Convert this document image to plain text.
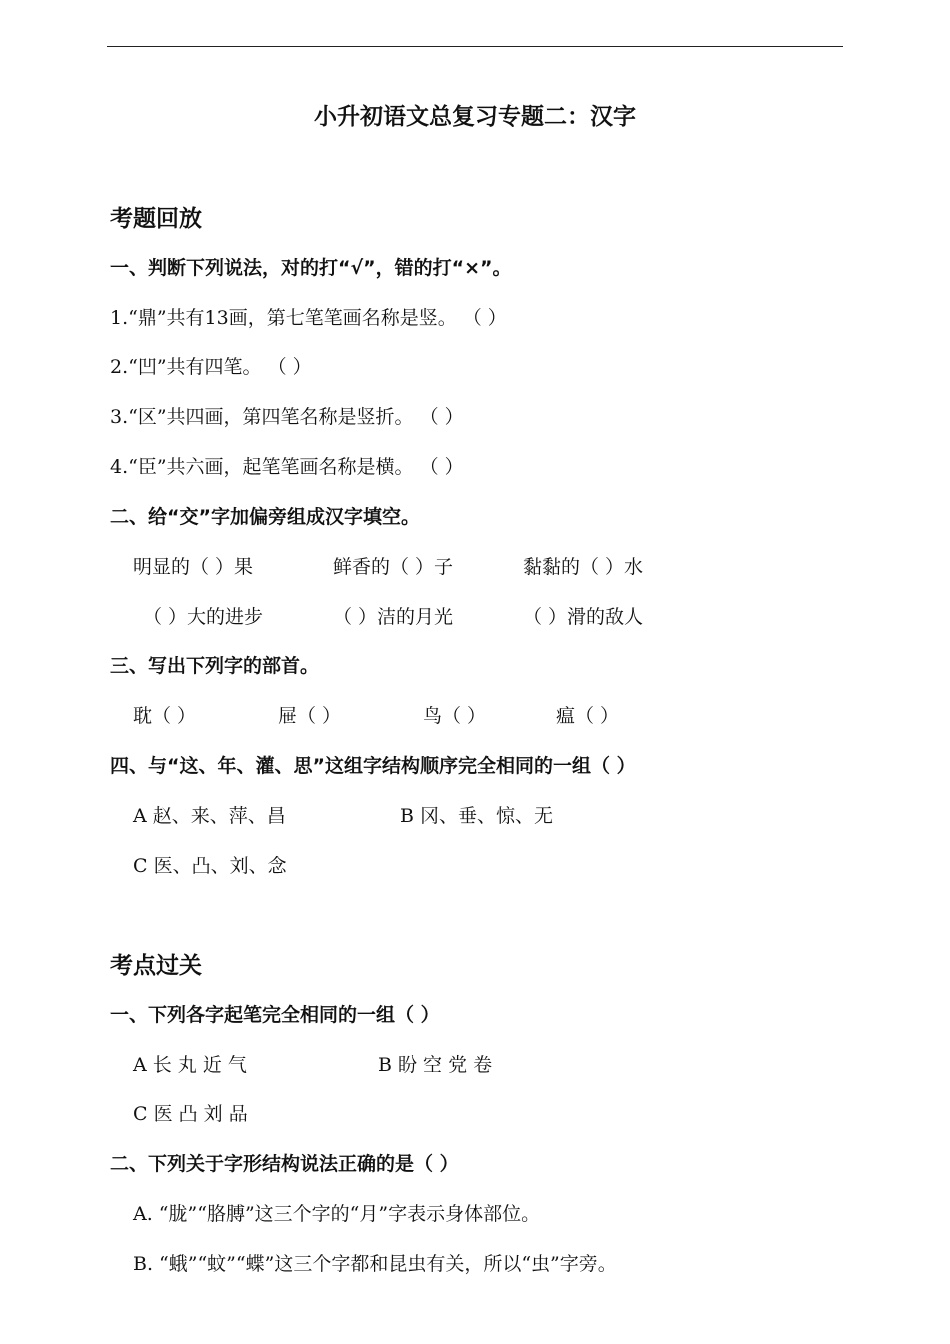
小升初语文总复习专题二：汉字
考题回放
一、判断下列说法，对的打“√”，错的打“×”。
1.“鼎”共有13画，第七笔笔画名称是竖。 （ ）
2.“凹”共有四笔。 （ ）
3.“区”共四画，第四笔名称是竖折。 （ ）
4.“臣”共六画，起笔笔画名称是横。 （ ）
二、给“交”字加偏旁组成汉字填空。
明显的（ ）果	鲜香的（ ）子	黏黏的（ ）水
（ ）大的进步	（ ）洁的月光	（ ）滑的敌人
三、写出下列字的部首。
耽（ ）	屉（ ）	鸟（ ）	瘟（ ）
四、与“这、年、灌、思”这组字结构顺序完全相同的一组（ ）
A 赵、来、萍、昌	B 冈、垂、惊、无
C 医、凸、刘、念
考点过关
一、下列各字起笔完全相同的一组（ ）
A 长 丸 近 气	B 盼 空 党 卷
C 医 凸 刘 品
二、下列关于字形结构说法正确的是（ ）
A. “胧”“胳膊”这三个字的“月”字表示身体部位。
B. “蛾”“蚊”“蝶”这三个字都和昆虫有关，所以“虫”字旁。
